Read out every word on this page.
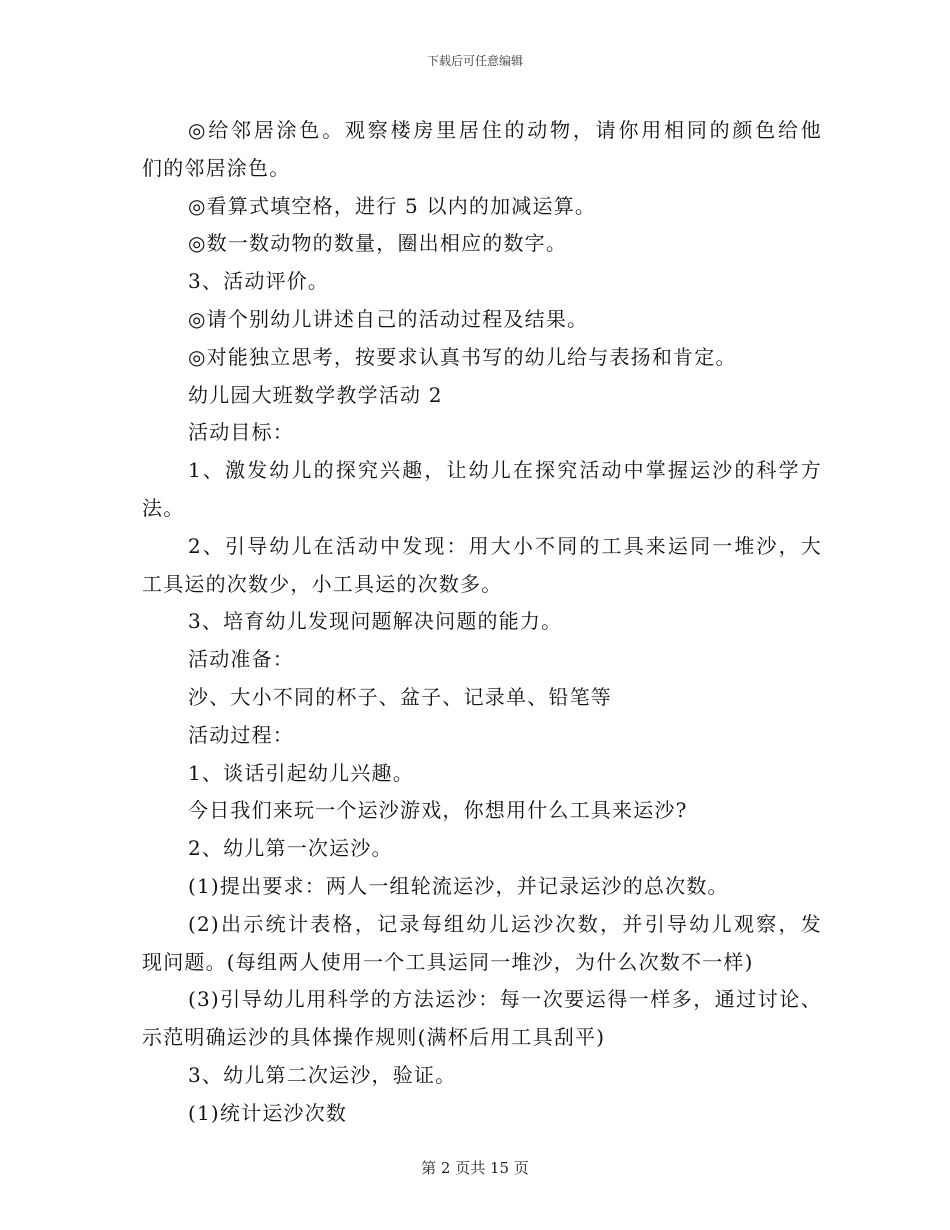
下载后可任意编辑
◎给邻居涂色。观察楼房里居住的动物，请你用相同的颜色给他
们的邻居涂色。
◎看算式填空格，进行 5 以内的加减运算。
◎数一数动物的数量，圈出相应的数字。
3、活动评价。
◎请个别幼儿讲述自己的活动过程及结果。
◎对能独立思考，按要求认真书写的幼儿给与表扬和肯定。
幼儿园大班数学教学活动 2
活动目标：
1、激发幼儿的探究兴趣，让幼儿在探究活动中掌握运沙的科学方
法。
2、引导幼儿在活动中发现：用大小不同的工具来运同一堆沙，大
工具运的次数少，小工具运的次数多。
3、培育幼儿发现问题解决问题的能力。
活动准备：
沙、大小不同的杯子、盆子、记录单、铅笔等
活动过程：
1、谈话引起幼儿兴趣。
今日我们来玩一个运沙游戏，你想用什么工具来运沙?
2、幼儿第一次运沙。
(1)提出要求：两人一组轮流运沙，并记录运沙的总次数。
(2)出示统计表格，记录每组幼儿运沙次数，并引导幼儿观察，发
现问题。(每组两人使用一个工具运同一堆沙，为什么次数不一样)
(3)引导幼儿用科学的方法运沙：每一次要运得一样多，通过讨论、
示范明确运沙的具体操作规则(满杯后用工具刮平)
3、幼儿第二次运沙，验证。
(1)统计运沙次数
第 2 页共 15 页
